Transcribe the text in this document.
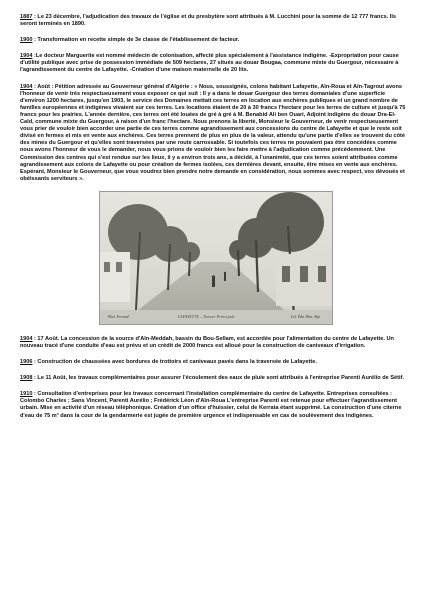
1887 : Le 23 décembre, l'adjudication des travaux de l'église et du presbytère sont attribués à M. Lucchini pour la somme de 12 777 francs. Ils seront terminés en 1890.

1900 : Transformation en recette simple de 3e classe de l'établissement de facteur.

1904 :Le docteur Marguerite est nommé médecin de colonisation, affecté plus spécialement à l'assistance indigène. -Expropriation pour cause d'utilité publique avec prise de possession immédiate de 509 hectares, 27 situés au douar Bougaa, commune mixte du Guergour, nécessaire à l'agrandissement du centre de Lafayette. -Création d'une maison maternelle de 20 lits.

1904 : Août : Pétition adressée au Gouverneur général d'Algérie : « Nous, soussignés, colons habitant Lafayette, Aïn-Roua et Aïn-Tagrout avons l'honneur de venir très respectueusement vous exposer ce qui suit : Il y a dans le douar Guergour des terres domaniales d'une superficie d'environ 1200 hectares, jusqu'en 1903, le service des Domaines mettait ces terres en location aux enchères publiques et un grand nombre de familles européennes et indigènes vivaient sur ces terres. Les locations étaient de 20 à 30 francs l'hectare pour les terres de culture et jusqu'à 75 francs pour les prairies. L'année dernière, ces terres ont été louées de gré à gré à M. Benabid Ali ben Ouari, Adjoint indigène du douar Dra-El-Caïd, commune mixte du Guergour, à raison d'un franc l'hectare. Nous prenons la liberté, Monsieur le Gouverneur, de venir respectueusement vous prier de vouloir bien accorder une partie de ces terres comme agrandissement aux concessions du centre de Lafayette et que le reste soit divisé en fermes et mis en vente aux enchères. Ces terres prennent de plus en plus de la valeur, attendu qu'une partie d'elles se trouvent du côté des mines du Guergour et qu'elles sont traversées par une route carrossable. Si toutefois ces terres ne pouvaient pas être concédées comme nous avons l'honneur de vous le demander, nous vous prions de vouloir bien les faire mettre à l'adjudication comme précédemment. Une Commission des centres qui s'est rendue sur les lieux, il y a environ trois ans, a décidé, à l'unanimité, que ces terres soient attribuées comme agrandissement aux colons de Lafayette ou pour création de fermes isolées, ces dernières devant, ensuite, être mises en vente aux enchères. Espérant, Monsieur le Gouverneur, que vous voudrez bien prendre notre demande en considération, nous sommes avec respect, vos dévoués et obéissants serviteurs ».

Phot. Ferrand	LAFAYETTE – Avenue Principale	Col. Édit. Phot. Alpi

1904 : 17 Août. La concession de la source d'Aïn-Meddah, bassin du Bou-Sellam, est accordée pour l'alimentation du centre de Lafayette. Un nouveau tracé d'une conduite d'eau est prévu et un crédit de 2000 francs est alloué pour la construction de caniveaux d'irrigation.

1906 : Construction de chaussées avec bordures de trottoirs et caniveaux pavés dans la traversée de Lafayette.

1908 : Le 11 Août, les travaux complémentaires pour assurer l'écoulement des eaux de pluie sont attribués à l'entreprise Parenti Aurélio de Sétif.

1910 : Consultation d'entreprises pour les travaux concernant l'installation complémentaire du centre de Lafayette. Entreprises consultées : Colombo Charles ; Sans Vincent, Parenti Aurélio ; Frédérick Léon d'Aïn-Roua L'entreprise Parenti est retenue pour effectuer l'agrandissement urbain. Mise en activité d'un réseau téléphonique. Création d'un office d'huissier, celui de Kerrata étant supprimé. La construction d'une citerne d'eau de 75 m³ dans la cour de la gendarmerie est jugée de première urgence et indispensable en cas de soulèvement des indigènes.
